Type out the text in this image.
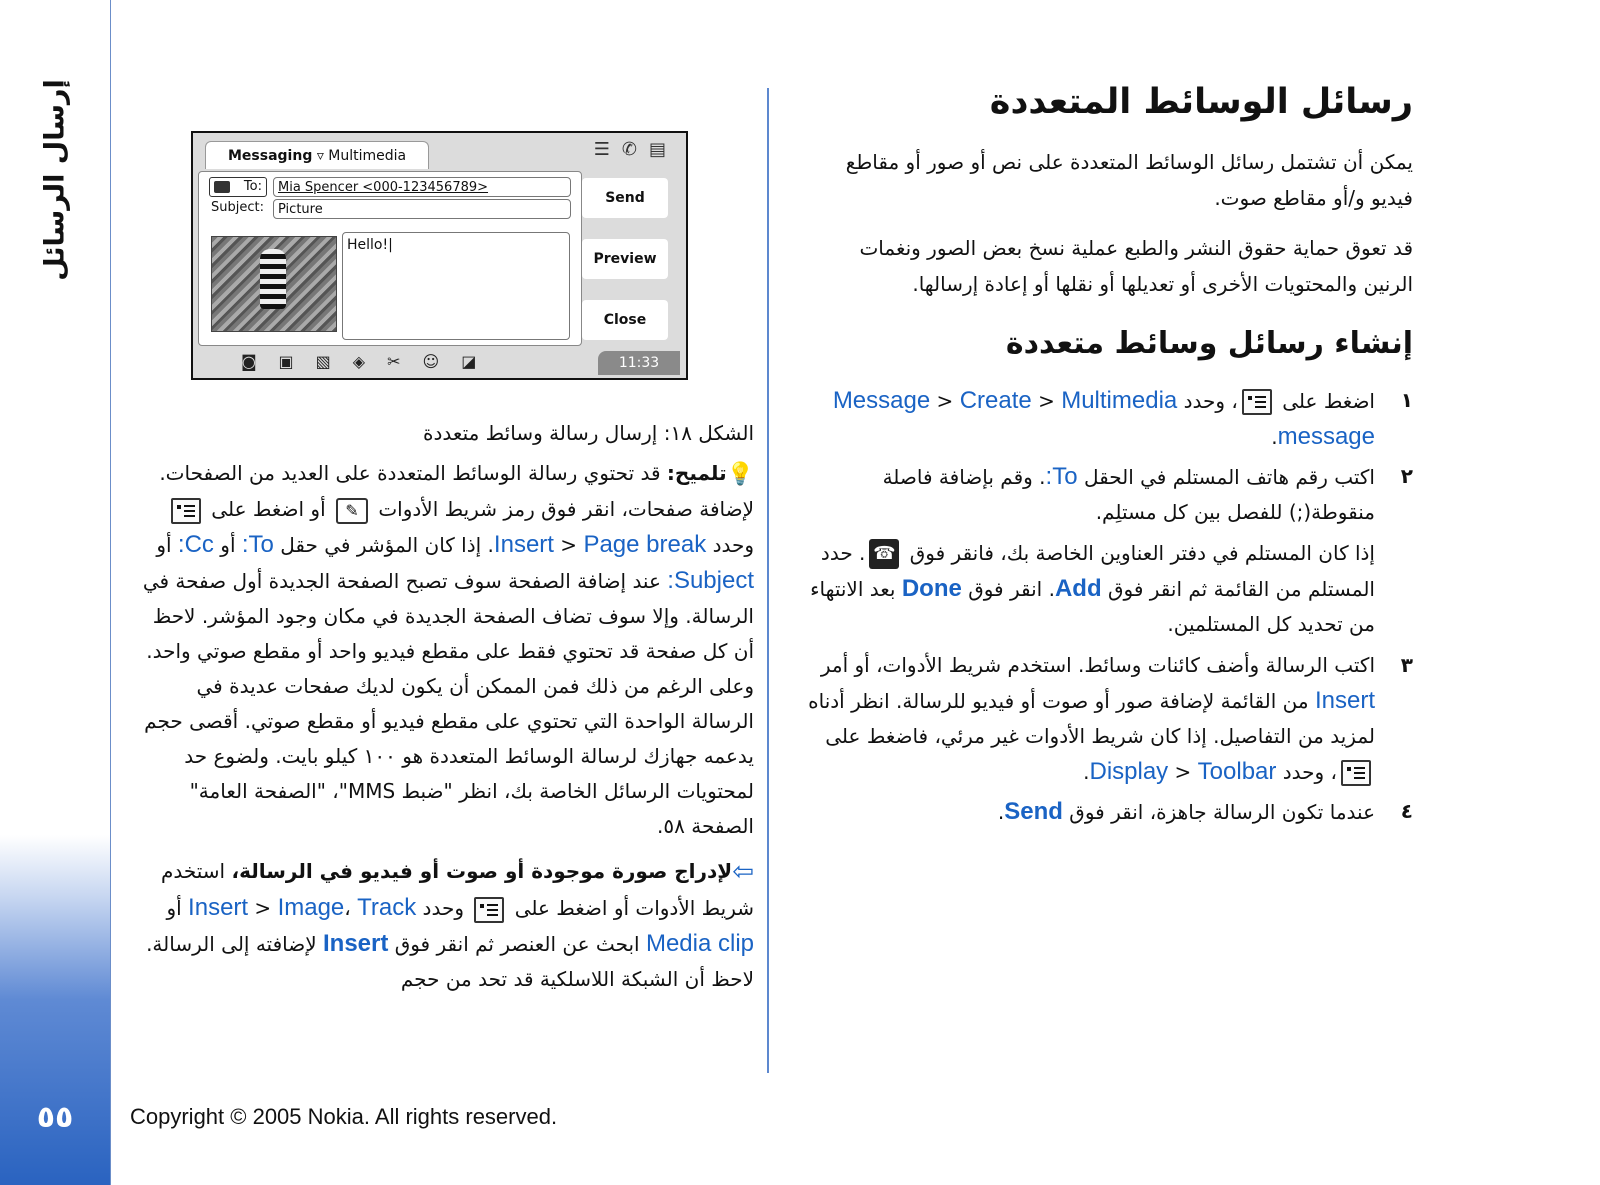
إرسال الرسائل
٥٥
رسائل الوسائط المتعددة

يمكن أن تشتمل رسائل الوسائط المتعددة على نص أو صور أو مقاطع فيديو و/أو مقاطع صوت.

قد تعوق حماية حقوق النشر والطبع عملية نسخ بعض الصور ونغمات الرنين والمحتويات الأخرى أو تعديلها أو نقلها أو إعادة إرسالها.

إنشاء رسائل وسائط متعددة
١
اضغط على ، وحدد Message > Create > Multimedia message.
٢

اكتب رقم هاتف المستلم في الحقل To:. وقم بإضافة فاصلة منقوطة(;) للفصل بين كل مستلِم.

إذا كان المستلم في دفتر العناوين الخاصة بك، فانقر فوق ☎. حدد المستلم من القائمة ثم انقر فوق Add. انقر فوق Done بعد الانتهاء من تحديد كل المستلمين.

٣
اكتب الرسالة وأضف كائنات وسائط. استخدم شريط الأدوات، أو أمر Insert من القائمة لإضافة صور أو صوت أو فيديو للرسالة. انظر أدناه لمزيد من التفاصيل. إذا كان شريط الأدوات غير مرئي، فاضغط على ، وحدد Display > Toolbar.
٤
عندما تكون الرسالة جاهزة، انقر فوق Send.
Messaging ▿ Multimedia	☰✆▤
To:	Mia Spencer <000-123456789>
Subject:	Picture
Hello!|
Send
Preview
Close
◙▣▧◈✂☺◪	11:33

الشكل ١٨: إرسال رسالة وسائط متعددة

💡تلميح: قد تحتوي رسالة الوسائط المتعددة على العديد من الصفحات. لإضافة صفحات، انقر فوق رمز شريط الأدوات ✎ أو اضغط على  وحدد Insert > Page break. إذا كان المؤشر في حقل To: أو Cc: أو Subject: عند إضافة الصفحة سوف تصبح الصفحة الجديدة أول صفحة في الرسالة. وإلا سوف تضاف الصفحة الجديدة في مكان وجود المؤشر. لاحظ أن كل صفحة قد تحتوي فقط على مقطع فيديو واحد أو مقطع صوتي واحد. وعلى الرغم من ذلك فمن الممكن أن يكون لديك صفحات عديدة في الرسالة الواحدة التي تحتوي على مقطع فيديو أو مقطع صوتي. أقصى حجم يدعمه جهازك لرسالة الوسائط المتعددة هو ١٠٠ كيلو بايت. ولضوع حد لمحتويات الرسائل الخاصة بك، انظر "ضبط MMS"، "الصفحة العامة" الصفحة ٥٨.

⇦لإدراج صورة موجودة أو صوت أو فيديو في الرسالة، استخدم شريط الأدوات أو اضغط على  وحدد Insert > Image، Track أو Media clip ابحث عن العنصر ثم انقر فوق Insert لإضافته إلى الرسالة. لاحظ أن الشبكة اللاسلكية قد تحد من حجم

Copyright © 2005 Nokia. All rights reserved.
